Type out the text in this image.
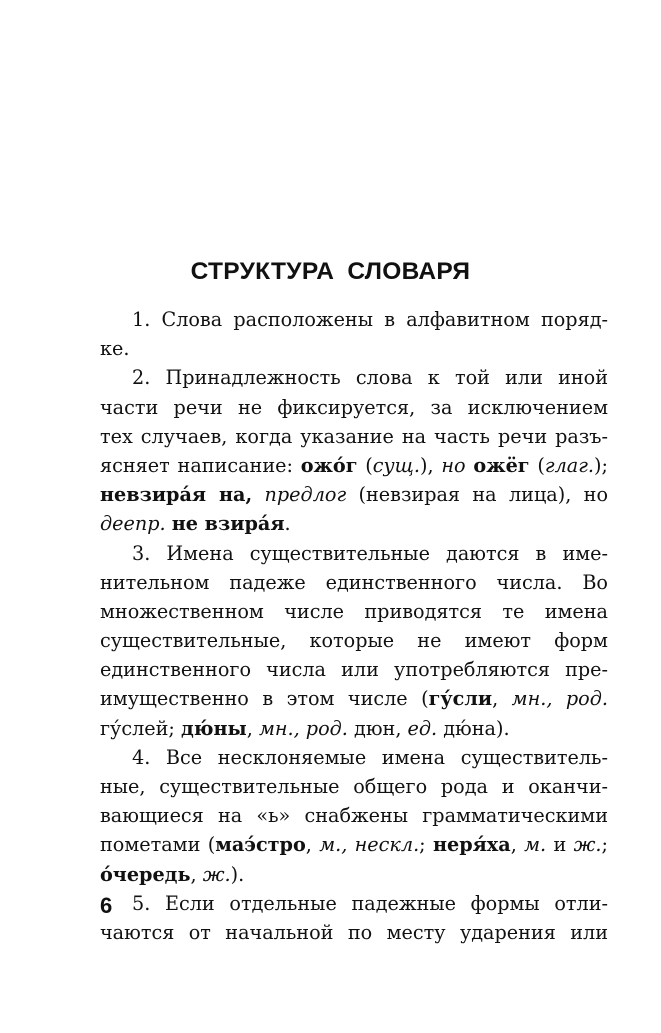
СТРУКТУРА СЛОВАРЯ
1. Слова расположены в алфавитном поряд-
ке.
2. Принадлежность слова к той или иной
части речи не фиксируется, за исключением
тех случаев, когда указание на часть речи разъ-
ясняет написание: ожо́г (сущ.), но ожёг (глаг.);
невзира́я на, предлог (невзирая на лица), но
деепр. не взира́я.
3. Имена существительные даются в име-
нительном падеже единственного числа. Во
множественном числе приводятся те имена
существительные, которые не имеют форм
единственного числа или употребляются пре-
имущественно в этом числе (гу́сли, мн., род.
гу́слей; дю́ны, мн., род. дюн, ед. дю́на).
4. Все несклоняемые имена существитель-
ные, существительные общего рода и оканчи-
вающиеся на «ь» снабжены грамматическими
пометами (маэ́стро, м., нескл.; неря́ха, м. и ж.;
о́чередь, ж.).
5. Если отдельные падежные формы отли-
чаются от начальной по месту ударения или
6
